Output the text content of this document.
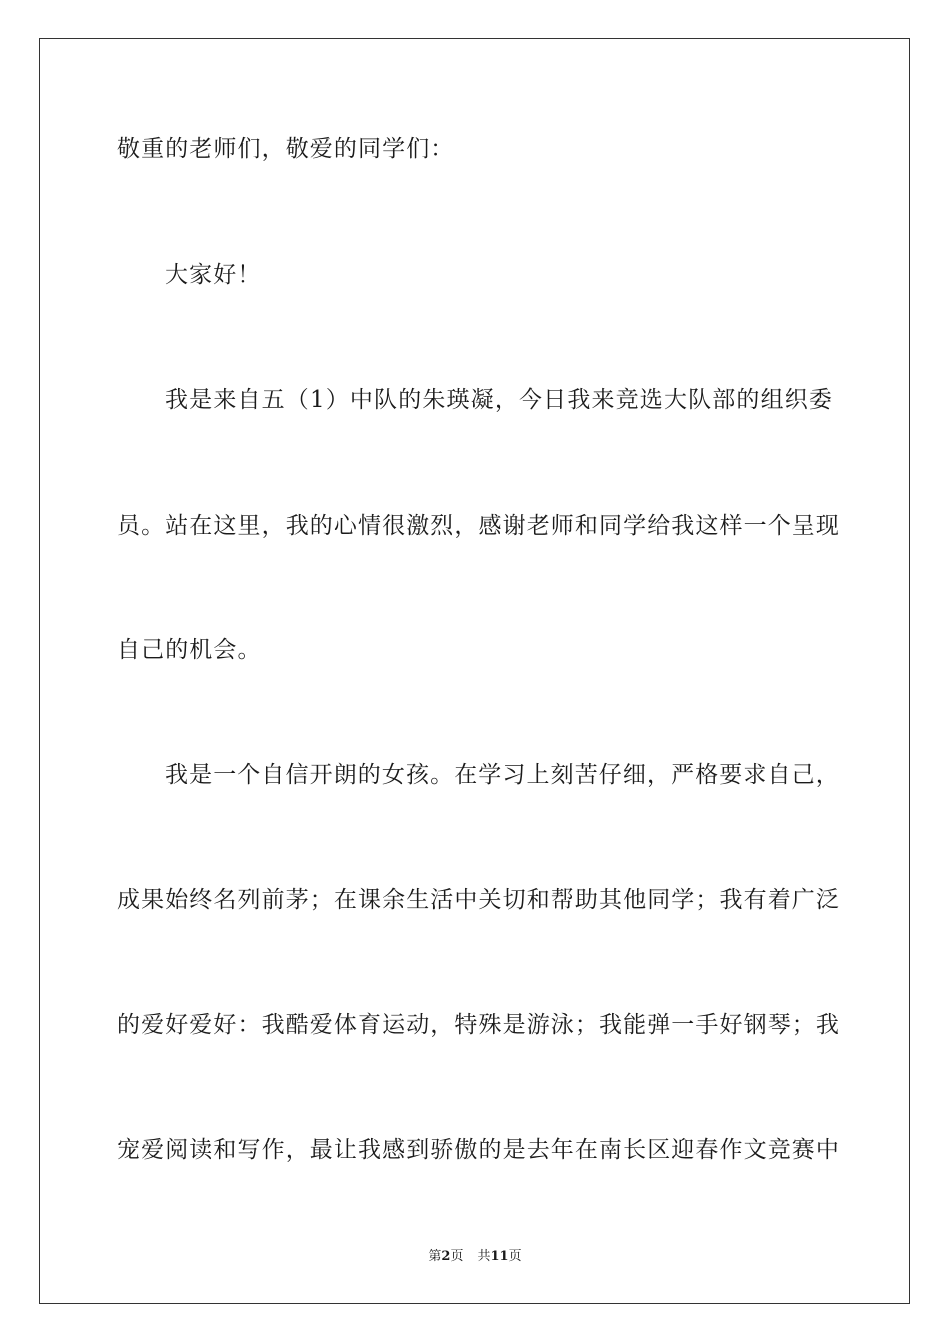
敬重的老师们，敬爱的同学们：
大家好！
我是来自五（1）中队的朱瑛凝，今日我来竞选大队部的组织委
员。站在这里，我的心情很激烈，感谢老师和同学给我这样一个呈现
自己的机会。
我是一个自信开朗的女孩。在学习上刻苦仔细，严格要求自己，
成果始终名列前茅；在课余生活中关切和帮助其他同学；我有着广泛
的爱好爱好：我酷爱体育运动，特殊是游泳；我能弹一手好钢琴；我
宠爱阅读和写作，最让我感到骄傲的是去年在南长区迎春作文竞赛中
第2页 共11页
